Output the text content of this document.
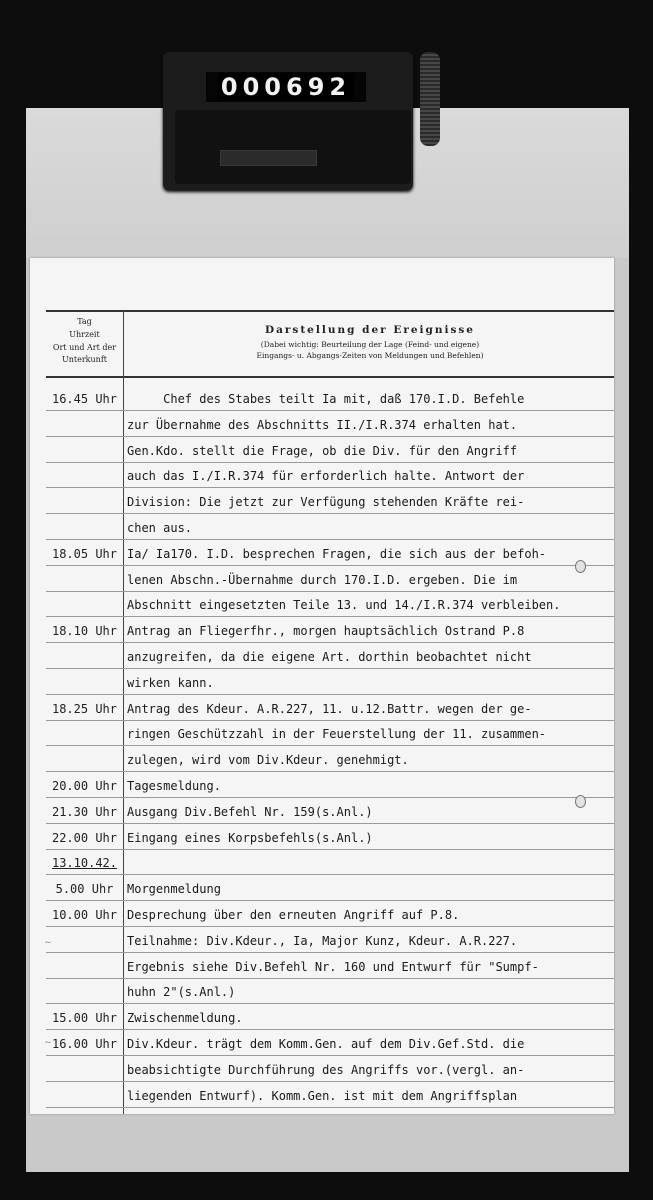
000692
Tag
Uhrzeit
Ort und Art der Unterkunft
Darstellung der Ereignisse
(Dabei wichtig: Beurteilung der Lage (Feind- und eigene)
Eingangs- u. Abgangs-Zeiten von Meldungen und Befehlen)
16.45 Uhr Chef des Stabes teilt Ia mit, daß 170.I.D. Befehle
zur Übernahme des Abschnitts II./I.R.374 erhalten hat.
Gen.Kdo. stellt die Frage, ob die Div. für den Angriff
auch das I./I.R.374 für erforderlich halte. Antwort der
Division: Die jetzt zur Verfügung stehenden Kräfte rei-
chen aus.
18.05 Uhr Ia/ Ia170. I.D. besprechen Fragen, die sich aus der befoh-
lenen Abschn.-Übernahme durch 170.I.D. ergeben. Die im
Abschnitt eingesetzten Teile 13. und 14./I.R.374 verbleiben.
18.10 Uhr Antrag an Fliegerfhr., morgen hauptsächlich Ostrand P.8
anzugreifen, da die eigene Art. dorthin beobachtet nicht
wirken kann.
18.25 Uhr Antrag des Kdeur. A.R.227, 11. u.12.Battr. wegen der ge-
ringen Geschützzahl in der Feuerstellung der 11. zusammen-
zulegen, wird vom Div.Kdeur. genehmigt.
20.00 Uhr Tagesmeldung.
21.30 Uhr Ausgang Div.Befehl Nr. 159(s.Anl.)
22.00 Uhr Eingang eines Korpsbefehls(s.Anl.)
13.10.42.
5.00 Uhr	Morgenmeldung
10.00 Uhr Desprechung über den erneuten Angriff auf P.8.
Teilnahme: Div.Kdeur., Ia, Major Kunz, Kdeur. A.R.227.
Ergebnis siehe Div.Befehl Nr. 160 und Entwurf für "Sumpf-
huhn 2"(s.Anl.)
15.00 Uhr Zwischenmeldung.
16.00 Uhr Div.Kdeur. trägt dem Komm.Gen. auf dem Div.Gef.Std. die
beabsichtigte Durchführung des Angriffs vor.(vergl. an-
liegenden Entwurf). Komm.Gen. ist mit dem Angriffsplan
~
~
